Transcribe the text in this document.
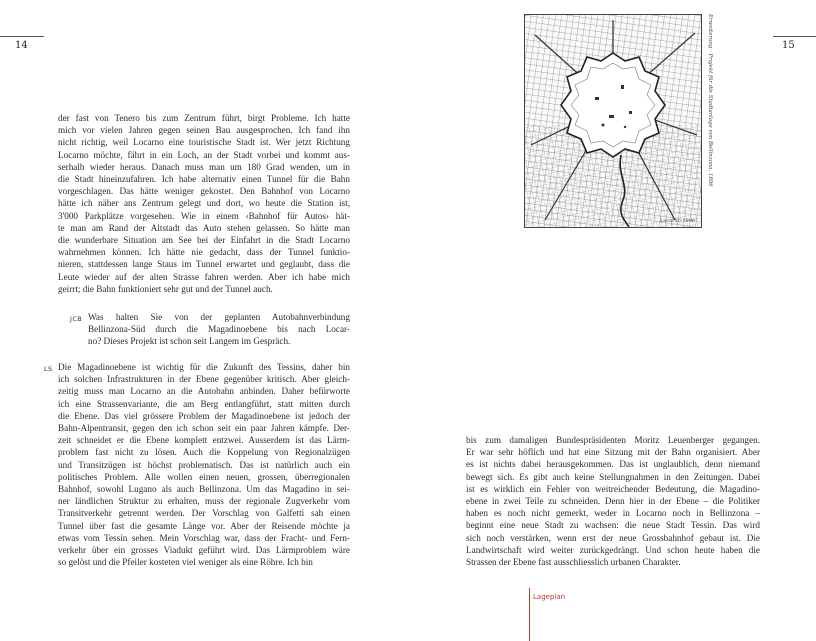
14
der fast von Tenero bis zum Zentrum führt, birgt Probleme. Ich hatte
mich vor vielen Jahren gegen seinen Bau ausgesprochen. Ich fand ihn
nicht richtig, weil Locarno eine touristische Stadt ist. Wer jetzt Richtung
Locarno möchte, fährt in ein Loch, an der Stadt vorbei und kommt aus-
serhalb wieder heraus. Danach muss man um 180 Grad wenden, um in
die Stadt hineinzufahren. Ich habe alternativ einen Tunnel für die Bahn
vorgeschlagen. Das hätte weniger gekostet. Den Bahnhof von Locarno
hätte ich näher ans Zentrum gelegt und dort, wo heute die Station ist,
3'000 Parkplätze vorgesehen. Wie in einem ‹Bahnhof für Autos› hät-
te man am Rand der Altstadt das Auto stehen gelassen. So hätte man
die wunderbare Situation am See bei der Einfahrt in die Stadt Locarno
wahrnehmen können. Ich hätte nie gedacht, dass der Tunnel funktio-
nieren, stattdessen lange Staus im Tunnel erwartet und geglaubt, dass die
Leute wieder auf der alten Strasse fahren werden. Aber ich habe mich
geirrt; die Bahn funktioniert sehr gut und der Tunnel auch.
JCB Was halten Sie von der geplanten Autobahnverbindung
Bellinzona-Süd durch die Magadinoebene bis nach Locar-
no? Dieses Projekt ist schon seit Langem im Gespräch.
LS Die Magadinoebene ist wichtig für die Zukunft des Tessins, daher bin
ich solchen Infrastrukturen in der Ebene gegenüber kritisch. Aber gleich-
zeitig muss man Locarno an die Autobahn anbinden. Daher befürworte
ich eine Strassenvariante, die am Berg entlangführt, statt mitten durch
die Ebene. Das viel grössere Problem der Magadinoebene ist jedoch der
Bahn-Alpentransit, gegen den ich schon seit ein paar Jahren kämpfe. Der-
zeit schneidet er die Ebene komplett entzwei. Ausserdem ist das Lärm-
problem fast nicht zu lösen. Auch die Koppelung von Regionalzügen
und Transitzügen ist höchst problematisch. Das ist natürlich auch ein
politisches Problem. Alle wollen einen neuen, grossen, überregionalen
Bahnhof, sowohl Lugano als auch Bellinzona. Um das Magadino in sei-
ner ländlichen Struktur zu erhalten, muss der regionale Zugverkehr vom
Transitverkehr getrennt werden. Der Vorschlag von Galfetti sah einen
Tunnel über fast die gesamte Länge vor. Aber der Reisende möchte ja
etwas vom Tessin sehen. Mein Vorschlag war, dass der Fracht- und Fern-
verkehr über ein grosses Viadukt geführt wird. Das Lärmproblem wäre
so gelöst und die Pfeiler kosteten viel weniger als eine Röhre. Ich bin
15
Erweiterung · Projekt für die Stadtanlage von Bellinzona, 1896
Locarno 1896
bis zum damaligen Bundespräsidenten Moritz Leuenberger gegangen.
Er war sehr höflich und hat eine Sitzung mit der Bahn organisiert. Aber
es ist nichts dabei herausgekommen. Das ist unglaublich, denn niemand
bewegt sich. Es gibt auch keine Stellungnahmen in den Zeitungen. Dabei
ist es wirklich ein Fehler von weitreichender Bedeutung, die Magadino-
ebene in zwei Teile zu schneiden. Denn hier in der Ebene – die Politiker
haben es noch nicht gemerkt, weder in Locarno noch in Bellinzona –
beginnt eine neue Stadt zu wachsen: die neue Stadt Tessin. Das wird
sich noch verstärken, wenn erst der neue Grossbahnhof gebaut ist. Die
Landwirtschaft wird weiter zurückgedrängt. Und schon heute haben die
Strassen der Ebene fast ausschliesslich urbanen Charakter.
Lageplan
